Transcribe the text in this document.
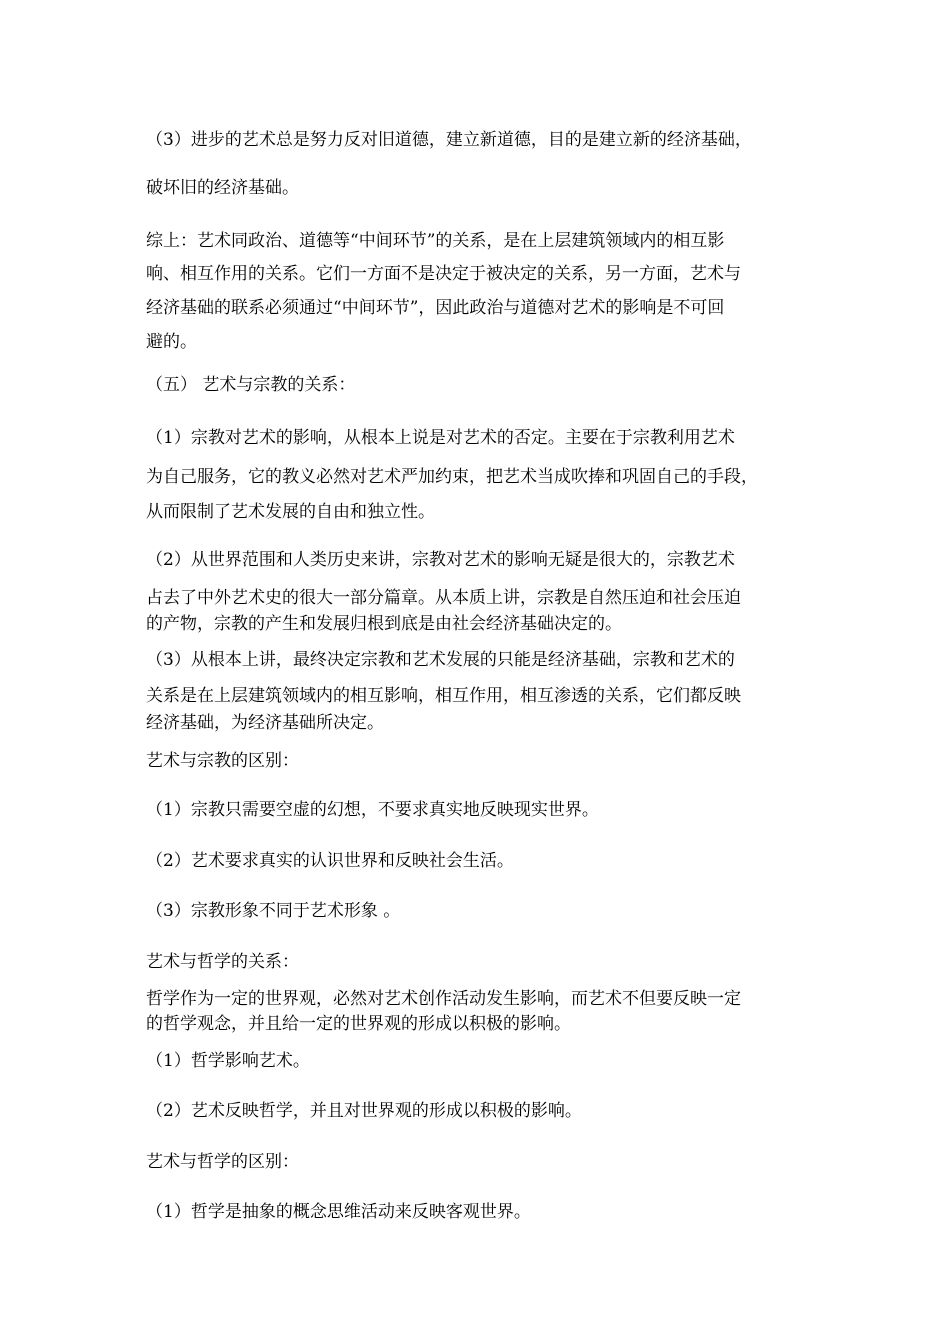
（3）进步的艺术总是努力反对旧道德，建立新道德，目的是建立新的经济基础，
破坏旧的经济基础。
综上：艺术同政治、道德等“中间环节”的关系，是在上层建筑领域内的相互影
响、相互作用的关系。它们一方面不是决定于被决定的关系，另一方面，艺术与
经济基础的联系必须通过“中间环节”，因此政治与道德对艺术的影响是不可回
避的。
（五） 艺术与宗教的关系：
（1）宗教对艺术的影响，从根本上说是对艺术的否定。主要在于宗教利用艺术
为自己服务，它的教义必然对艺术严加约束，把艺术当成吹捧和巩固自己的手段，
从而限制了艺术发展的自由和独立性。
（2）从世界范围和人类历史来讲，宗教对艺术的影响无疑是很大的，宗教艺术
占去了中外艺术史的很大一部分篇章。从本质上讲，宗教是自然压迫和社会压迫
的产物，宗教的产生和发展归根到底是由社会经济基础决定的。
（3）从根本上讲，最终决定宗教和艺术发展的只能是经济基础，宗教和艺术的
关系是在上层建筑领域内的相互影响，相互作用，相互渗透的关系，它们都反映
经济基础，为经济基础所决定。
艺术与宗教的区别：
（1）宗教只需要空虚的幻想，不要求真实地反映现实世界。
（2）艺术要求真实的认识世界和反映社会生活。
（3）宗教形象不同于艺术形象 。
艺术与哲学的关系：
哲学作为一定的世界观，必然对艺术创作活动发生影响，而艺术不但要反映一定
的哲学观念，并且给一定的世界观的形成以积极的影响。
（1）哲学影响艺术。
（2）艺术反映哲学，并且对世界观的形成以积极的影响。
艺术与哲学的区别：
（1）哲学是抽象的概念思维活动来反映客观世界。
